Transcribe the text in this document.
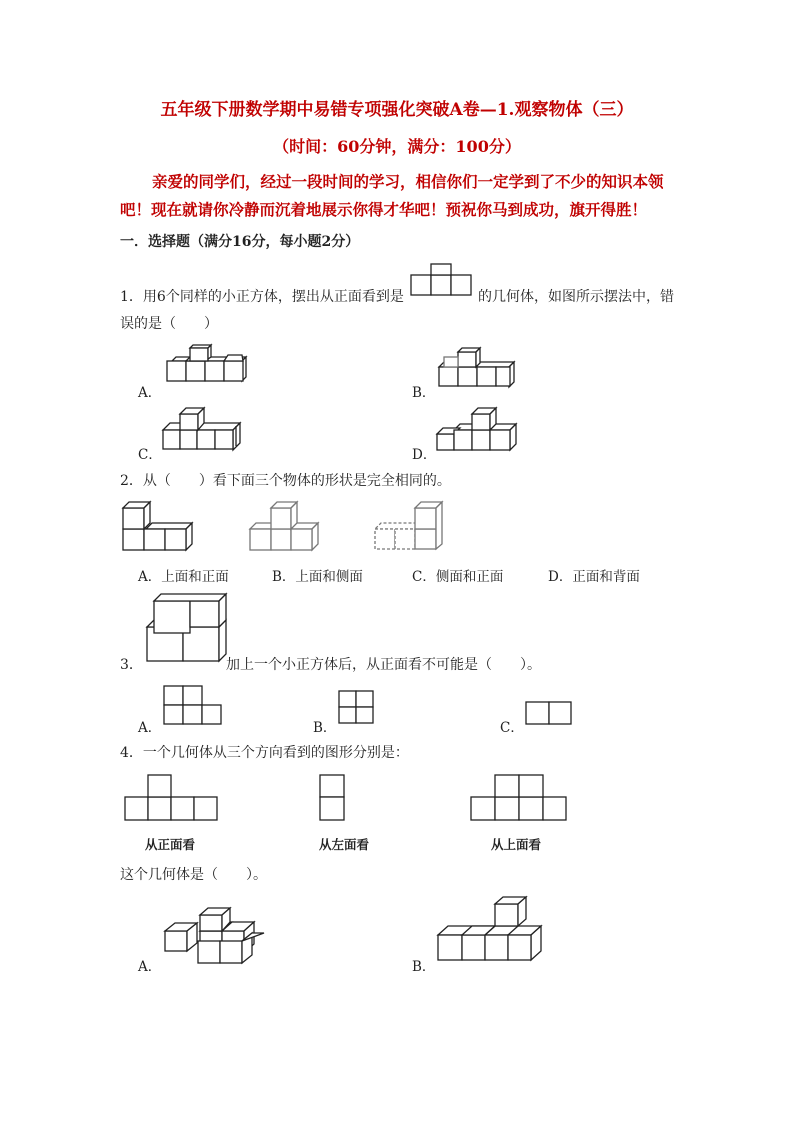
五年级下册数学期中易错专项强化突破A卷—1.观察物体（三）
（时间：60分钟，满分：100分）
亲爱的同学们，经过一段时间的学习，相信你们一定学到了不少的知识本领吧！现在就请你冷静而沉着地展示你得才华吧！预祝你马到成功，旗开得胜！
一．选择题（满分16分，每小题2分）
1．用6个同样的小正方体，摆出从正面看到是	的几何体，如图所示摆法中，错
误的是（　　）
A．	B．
C．	D．
2．从（　　）看下面三个物体的形状是完全相同的。
A．上面和正面	B．上面和侧面	C．侧面和正面	D．正面和背面
3．	加上一个小正方体后，从正面看不可能是（　　）。
A．	B．	C．
4．一个几何体从三个方向看到的图形分别是：
从正面看	从左面看	从上面看
这个几何体是（　　）。
A．	B．
